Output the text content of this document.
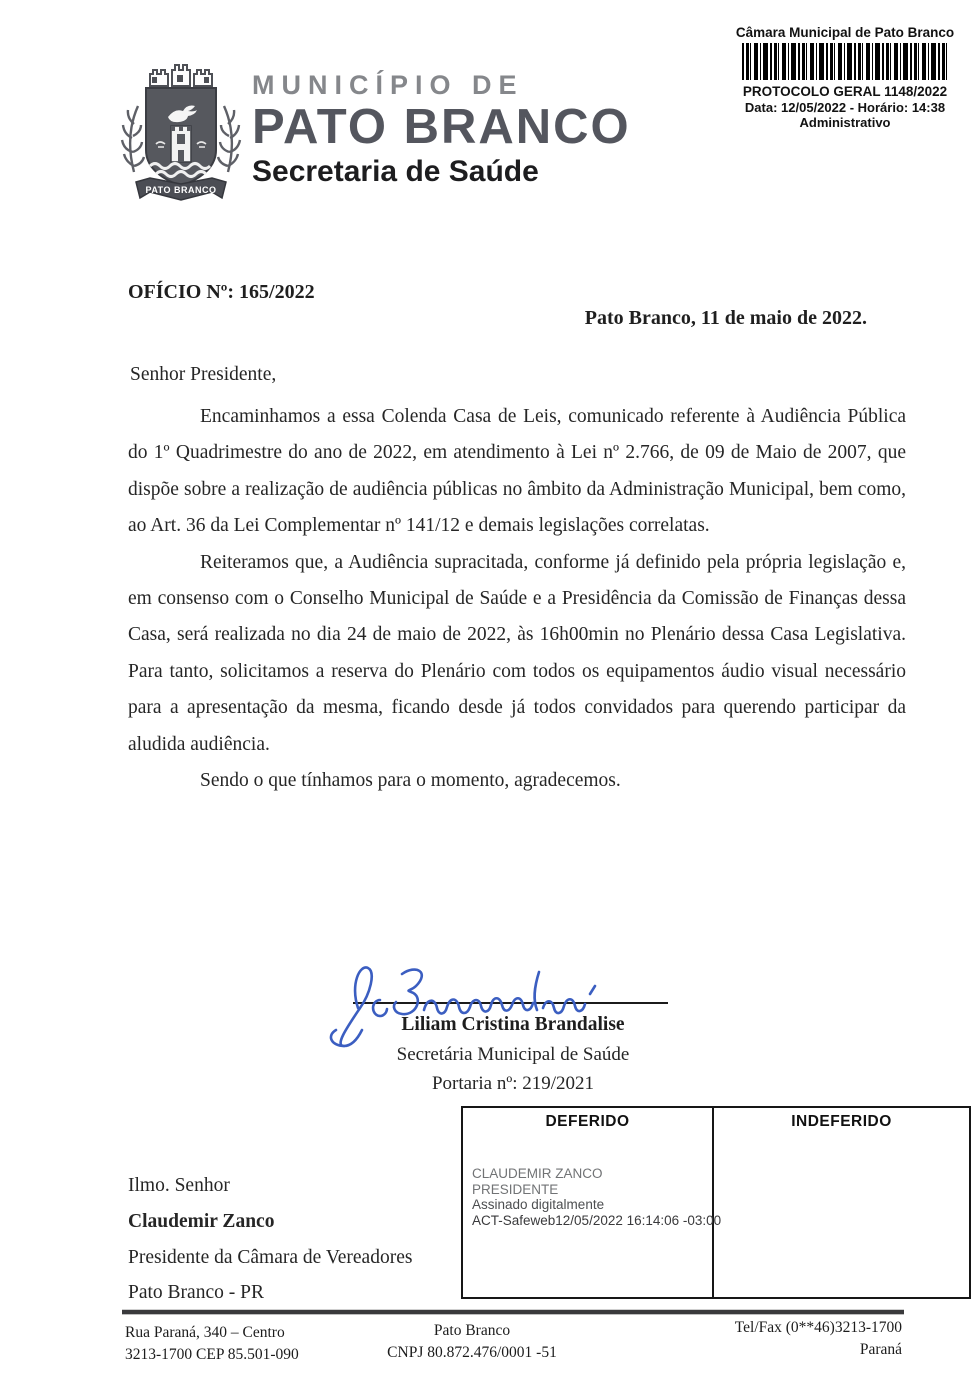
PATO BRANCO
MUNICÍPIO DE
PATO BRANCO
Secretaria de Saúde
Câmara Municipal de Pato Branco
PROTOCOLO GERAL 1148/2022
Data: 12/05/2022 - Horário: 14:38
Administrativo
OFÍCIO Nº: 165/2022
Pato Branco, 11 de maio de 2022.
Senhor Presidente,

Encaminhamos a essa Colenda Casa de Leis, comunicado referente à Audiência Pública do 1º Quadrimestre do ano de 2022, em atendimento à Lei nº 2.766, de 09 de Maio de 2007, que dispõe sobre a realização de audiência públicas no âmbito da Administração Municipal, bem como, ao Art. 36 da Lei Complementar nº 141/12 e demais legislações correlatas.

Reiteramos que, a Audiência supracitada, conforme já definido pela própria legislação e, em consenso com o Conselho Municipal de Saúde e a Presidência da Comissão de Finanças dessa Casa, será realizada no dia 24 de maio de 2022, às 16h00min no Plenário dessa Casa Legislativa. Para tanto, solicitamos a reserva do Plenário com todos os equipamentos áudio visual necessário para a apresentação da mesma, ficando desde já todos convidados para querendo participar da aludida audiência.

Sendo o que tínhamos para o momento, agradecemos.

Liliam Cristina Brandalise
Secretária Municipal de Saúde
Portaria nº: 219/2021
DEFERIDO
CLAUDEMIR ZANCO
PRESIDENTE
Assinado digitalmente
ACT-Safeweb12/05/2022 16:14:06 -03:00
INDEFERIDO
Ilmo. Senhor
Claudemir Zanco
Presidente da Câmara de Vereadores
Pato Branco - PR
Rua Paraná, 340 – Centro
3213-1700 CEP 85.501-090
Pato Branco
CNPJ 80.872.476/0001 -51
Tel/Fax (0**46)3213-1700
Paraná
